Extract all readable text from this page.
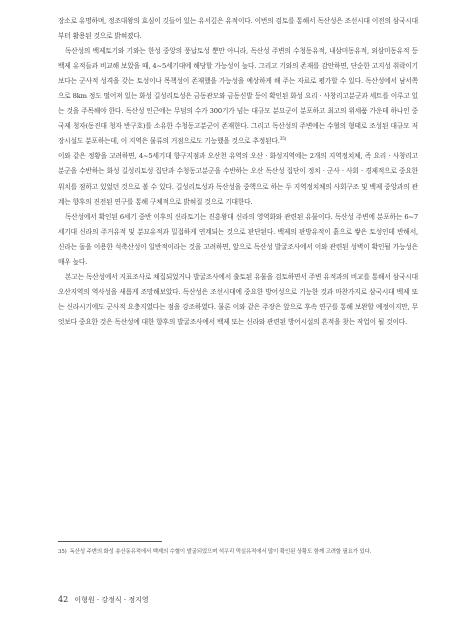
장소로 유명하며, 정조대왕의 효심이 깃들어 있는 유서깊은 유적이다. 이번의 검토를 통해서 독산성은 조선시대 이전의 삼국시대부터 활용된 것으로 밝혀졌다.

독산성의 백제토기와 기와는 한성 중앙의 풍납토성 뿐만 아니라, 독산성 주변의 수청동유적, 내삼미동유적, 외삼미동유적 등 백제 유적들과 비교해 보았을 때, 4~5세기대에 해당할 가능성이 높다. 그리고 기와의 존재를 감안하면, 단순한 고지성 취락이기 보다는 군사적 성격을 갖는 토성이나 목책성이 존재했을 가능성을 예상하게 해 주는 자료로 평가할 수 있다. 독산성에서 남서쪽으로 8km 정도 떨어져 있는 화성 길성리토성은 금동관모와 금동신발 등이 확인된 화성 요리 · 사창리고분군과 세트를 이루고 있는 것을 주목해야 한다. 독산성 인근에는 무덤의 수가 300기가 넘는 대규모 분묘군이 분포하고 최고의 위세품 가운데 하나인 중국제 청자(동진대 청자 반구호)를 소유한 수청동고분군이 존재한다. 그리고 독산성의 주변에는 수혈의 형태로 조성된 대규모 저장시설도 분포하는데, 이 지역은 물류의 거점으로도 기능했을 것으로 추정된다.$^{35)}$

이와 같은 정황을 고려하면, 4~5세기대 향구지점과 오산천 유역의 오산 · 화성지역에는 2개의 지역정치체, 즉 요리 · 사창리고분군을 수반하는 화성 길성리토성 집단과 수청동고분군을 수반하는 오산 독산성 집단이 정치 · 군사 · 사회 · 경제적으로 중요한 위치를 점하고 있었던 것으로 볼 수 있다. 길성리토성과 독산성을 중핵으로 하는 두 지역정치체의 사회구조 및 백제 중앙과의 관계는 향후의 진전된 연구를 통해 구체적으로 밝혀질 것으로 기대한다.

독산성에서 확인된 6세기 중반 이후의 신라토기는 진흥왕대 신라의 영역화와 관련된 유물이다. 독산성 주변에 분포하는 6~7세기대 신라의 주거유적 및 분묘유적과 밀접하게 연계되는 것으로 판단된다. 백제의 판방유적이 흙으로 쌓은 토성인데 반해서, 신라는 돌을 이용한 석축산성이 일반적이라는 것을 고려하면, 앞으로 독산성 발굴조사에서 이와 관련된 성벽이 확인될 가능성은 매우 높다.

본고는 독산성에서 지표조사로 채집되었거나 발굴조사에서 출토된 유물을 검토하면서 주변 유적과의 비교를 통해서 삼국시대 오산지역의 역사성을 새롭게 조망해보았다. 독산성은 조선시대에 중요한 방어성으로 기능한 것과 마찬가지로 삼국시대 백제 또는 신라시기에도 군사적 요충지였다는 점을 강조하였다. 물론 이와 같은 주장은 앞으로 후속 연구를 통해 보완할 예정이지만, 무엇보다 중요한 것은 독산성에 대한 향후의 발굴조사에서 백제 또는 신라와 관련된 방어시설의 흔적을 찾는 작업이 될 것이다.

35) 독산성 주변의 화성 송산동유적에서 백제의 수혈이 발굴되었으며 석우리 먹실유적에서 많이 확인된 상황도 함께 고려할 필요가 있다.
42 이형원 · 강정식 · 정지영
